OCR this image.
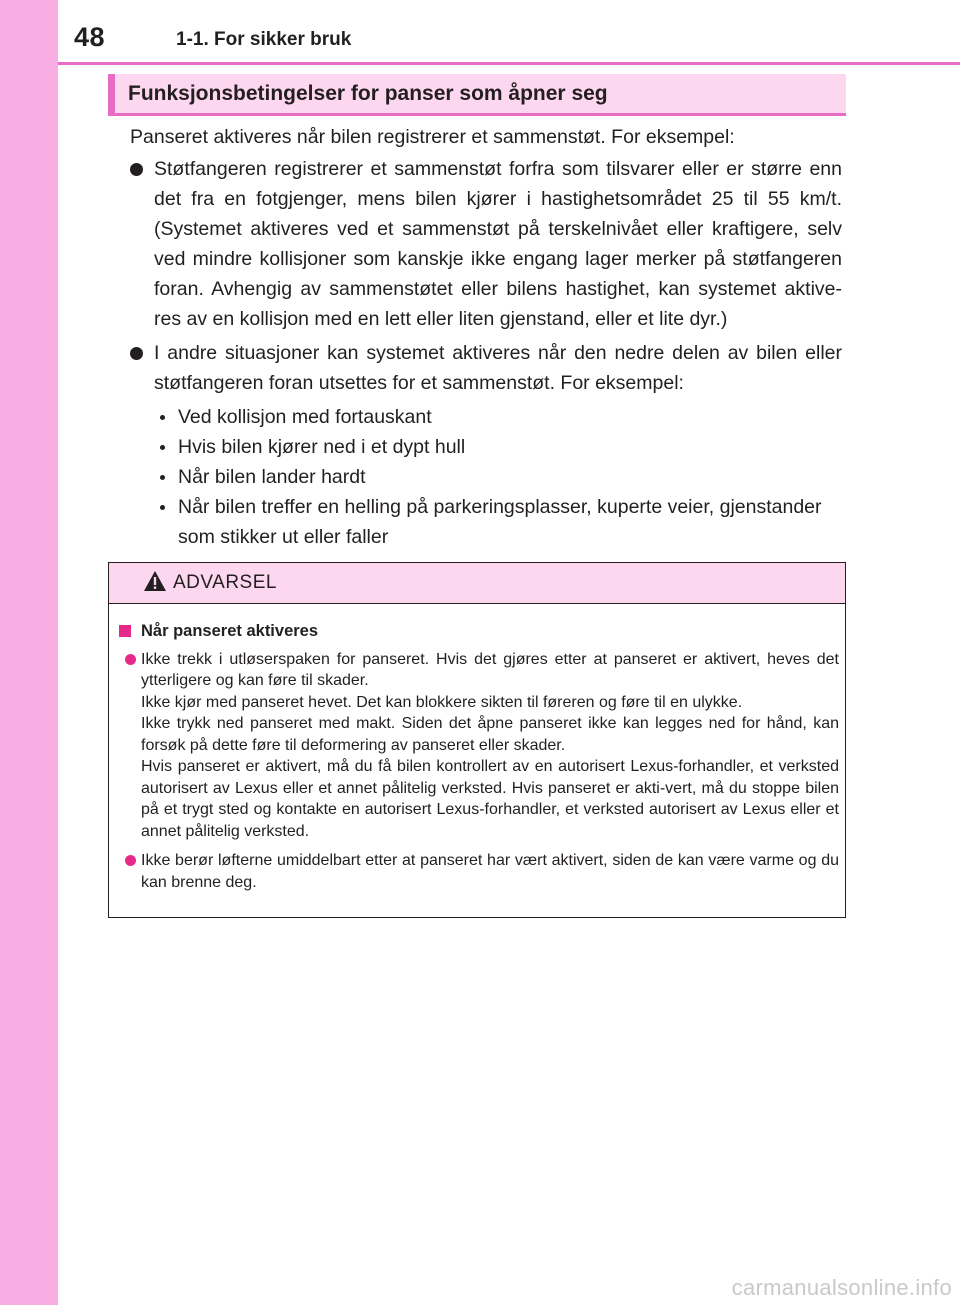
48	1-1. For sikker bruk
Funksjonsbetingelser for panser som åpner seg

Panseret aktiveres når bilen registrerer et sammenstøt. For eksempel:

Støtfangeren registrerer et sammenstøt forfra som tilsvarer eller er større enn det fra en fotgjenger, mens bilen kjører i hastighetsområdet 25 til 55 km/t. (Systemet aktiveres ved et sammenstøt på terskelnivået eller kraftigere, selv ved mindre kollisjoner som kanskje ikke engang lager merker på støtfangeren foran. Avhengig av sammenstøtet eller bilens hastighet, kan systemet aktive-res av en kollisjon med en lett eller liten gjenstand, eller et lite dyr.)
I andre situasjoner kan systemet aktiveres når den nedre delen av bilen eller støtfangeren foran utsettes for et sammenstøt. For eksempel:
Ved kollisjon med fortauskant
Hvis bilen kjører ned i et dypt hull
Når bilen lander hardt
Når bilen treffer en helling på parkeringsplasser, kuperte veier, gjenstander som stikker ut eller faller
ADVARSEL
Når panseret aktiveres

Ikke trekk i utløserspaken for panseret. Hvis det gjøres etter at panseret er aktivert, heves det ytterligere og kan føre til skader.

Ikke kjør med panseret hevet. Det kan blokkere sikten til føreren og føre til en ulykke.

Ikke trykk ned panseret med makt. Siden det åpne panseret ikke kan legges ned for hånd, kan forsøk på dette føre til deformering av panseret eller skader.

Hvis panseret er aktivert, må du få bilen kontrollert av en autorisert Lexus-forhandler, et verksted autorisert av Lexus eller et annet pålitelig verksted. Hvis panseret er akti-vert, må du stoppe bilen på et trygt sted og kontakte en autorisert Lexus-forhandler, et verksted autorisert av Lexus eller et annet pålitelig verksted.

Ikke berør løfterne umiddelbart etter at panseret har vært aktivert, siden de kan være varme og du kan brenne deg.

carmanualsonline.info
